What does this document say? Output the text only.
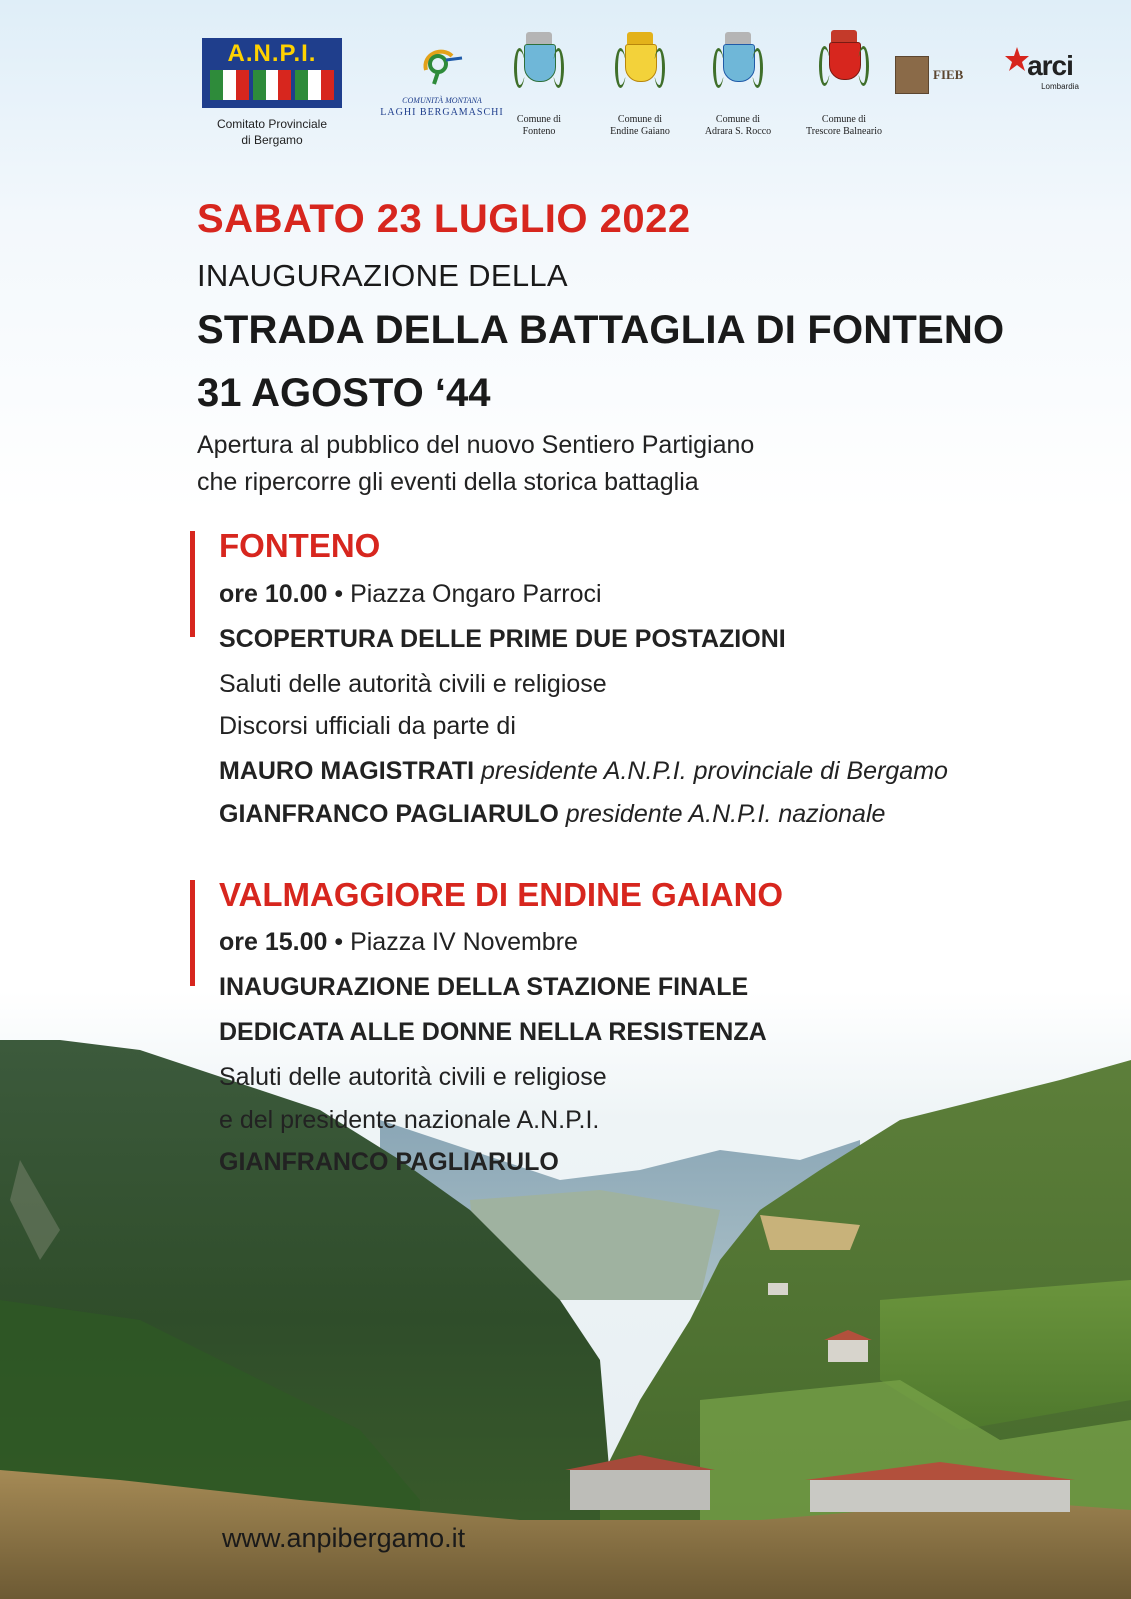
A.N.P.I.
Comitato Provinciale
di Bergamo
COMUNITÀ MONTANA
LAGHI BERGAMASCHI
Comune di
Fonteno
Comune di
Endine Gaiano
Comune di
Adrara S. Rocco
Comune di
Trescore Balneario
FIEB	arci
Lombardia
SABATO 23 LUGLIO 2022
INAUGURAZIONE DELLA
STRADA DELLA BATTAGLIA DI FONTENO
31 AGOSTO ‘44
Apertura al pubblico del nuovo Sentiero Partigiano
che ripercorre gli eventi della storica battaglia
FONTENO
ore 10.00 • Piazza Ongaro Parroci
SCOPERTURA DELLE PRIME DUE POSTAZIONI
Saluti delle autorità civili e religiose
Discorsi ufficiali da parte di
MAURO MAGISTRATI presidente A.N.P.I. provinciale di Bergamo
GIANFRANCO PAGLIARULO presidente A.N.P.I. nazionale
VALMAGGIORE DI ENDINE GAIANO
ore 15.00 • Piazza IV Novembre
INAUGURAZIONE DELLA STAZIONE FINALE
DEDICATA ALLE DONNE NELLA RESISTENZA
Saluti delle autorità civili e religiose
e del presidente nazionale A.N.P.I.
GIANFRANCO PAGLIARULO
www.anpibergamo.it
